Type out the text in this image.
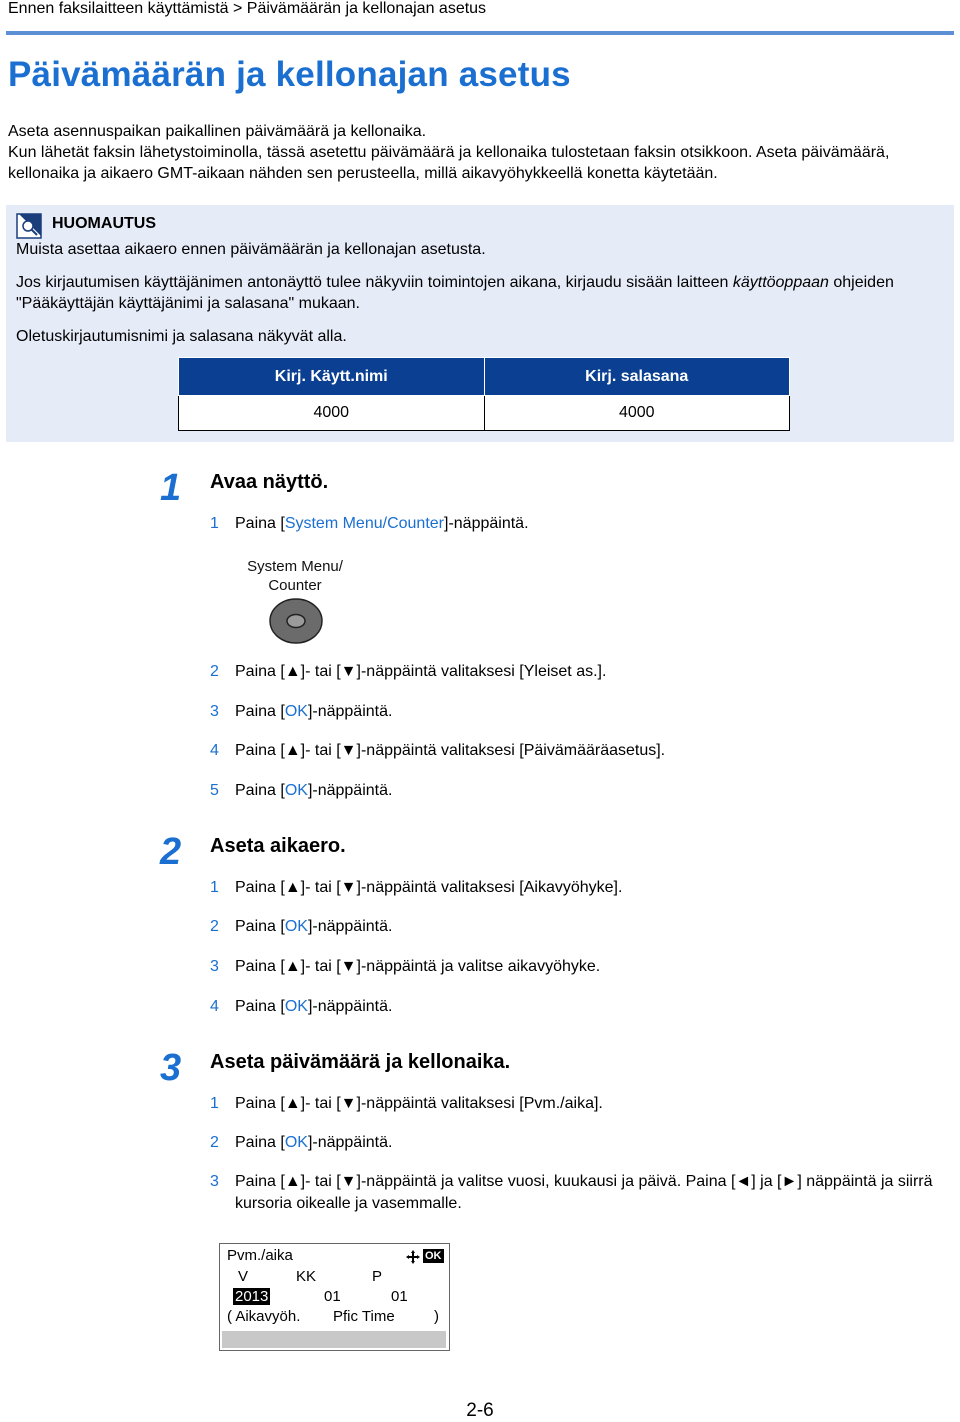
Ennen faksilaitteen käyttämistä > Päivämäärän ja kellonajan asetus
Päivämäärän ja kellonajan asetus

Aseta asennuspaikan paikallinen päivämäärä ja kellonaika.

Kun lähetät faksin lähetystoiminolla, tässä asetettu päivämäärä ja kellonaika tulostetaan faksin otsikkoon. Aseta päivämäärä, kellonaika ja aikaero GMT-aikaan nähden sen perusteella, millä aikavyöhykkeellä konetta käytetään.

HUOMAUTUS
Muista asettaa aikaero ennen päivämäärän ja kellonajan asetusta.
Jos kirjautumisen käyttäjänimen antonäyttö tulee näkyviin toimintojen aikana, kirjaudu sisään laitteen käyttöoppaan ohjeiden "Pääkäyttäjän käyttäjänimi ja salasana" mukaan.
Oletuskirjautumisnimi ja salasana näkyvät alla.
Kirj. Käytt.nimi	Kirj. salasana
4000	4000
1 Avaa näyttö.
1 Paina [System Menu/Counter]-näppäintä.
System Menu/
Counter
2 Paina [▲]- tai [▼]-näppäintä valitaksesi [Yleiset as.].
3 Paina [OK]-näppäintä.
4 Paina [▲]- tai [▼]-näppäintä valitaksesi [Päivämääräasetus].
5 Paina [OK]-näppäintä.
2 Aseta aikaero.
1 Paina [▲]- tai [▼]-näppäintä valitaksesi [Aikavyöhyke].
2 Paina [OK]-näppäintä.
3 Paina [▲]- tai [▼]-näppäintä ja valitse aikavyöhyke.
4 Paina [OK]-näppäintä.
3 Aseta päivämäärä ja kellonaika.
1 Paina [▲]- tai [▼]-näppäintä valitaksesi [Pvm./aika].
2 Paina [OK]-näppäintä.
3 Paina [▲]- tai [▼]-näppäintä ja valitse vuosi, kuukausi ja päivä. Paina [◄] ja [►] näppäintä ja siirrä kursoria oikealle ja vasemmalle.
Pvm./aika	OK
V	KK	P
2013	01	01
( Aikavyöh. Pfic Time	)
2-6
